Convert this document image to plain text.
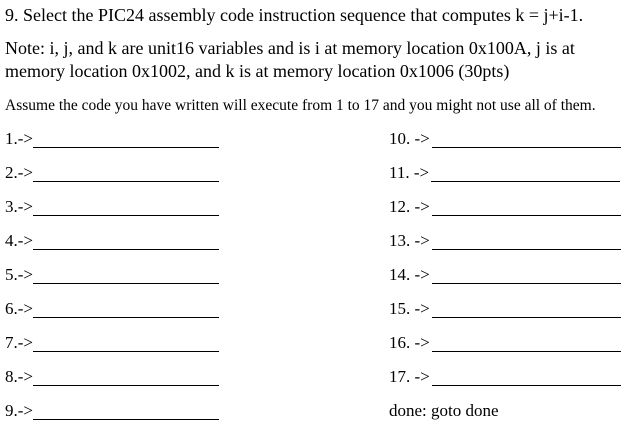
9. Select the PIC24 assembly code instruction sequence that computes k = j+i-1.
Note: i, j, and k are unit16 variables and is i at memory location 0x100A, j is at memory location 0x1002, and k is at memory location 0x1006 (30pts)
Assume the code you have written will execute from 1 to 17 and you might not use all of them.
1.->
2.->
3.->
4.->
5.->
6.->
7.->
8.->
9.->
10. ->
11. ->
12. ->
13. ->
14. ->
15. ->
16. ->
17. ->
done: goto done
